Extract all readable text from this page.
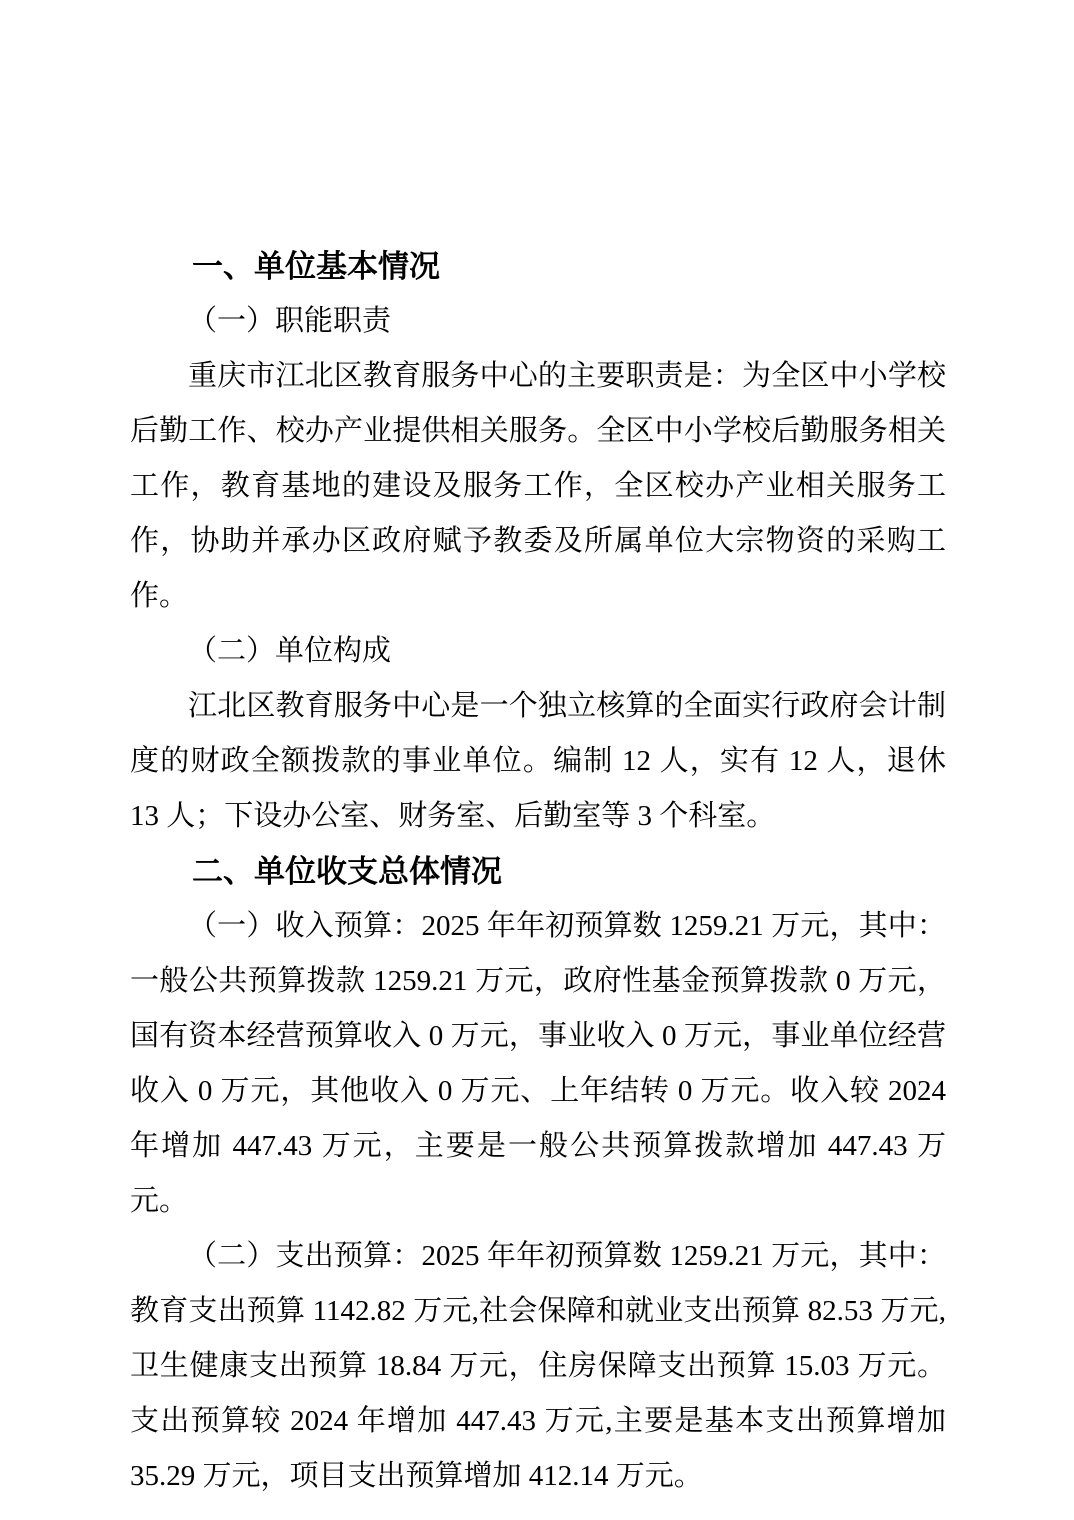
一、单位基本情况

（一）职能职责

重庆市江北区教育服务中心的主要职责是：为全区中小学校后勤工作、校办产业提供相关服务。全区中小学校后勤服务相关工作，教育基地的建设及服务工作，全区校办产业相关服务工作，协助并承办区政府赋予教委及所属单位大宗物资的采购工作。

（二）单位构成

江北区教育服务中心是一个独立核算的全面实行政府会计制度的财政全额拨款的事业单位。编制 12 人，实有 12 人，退休 13 人；下设办公室、财务室、后勤室等 3 个科室。

二、单位收支总体情况

（一）收入预算：2025 年年初预算数 1259.21 万元，其中：一般公共预算拨款 1259.21 万元，政府性基金预算拨款 0 万元，国有资本经营预算收入 0 万元，事业收入 0 万元，事业单位经营收入 0 万元，其他收入 0 万元、上年结转 0 万元。收入较 2024 年增加 447.43 万元，主要是一般公共预算拨款增加 447.43 万元。

（二）支出预算：2025 年年初预算数 1259.21 万元，其中：教育支出预算 1142.82 万元,社会保障和就业支出预算 82.53 万元,卫生健康支出预算 18.84 万元，住房保障支出预算 15.03 万元。支出预算较 2024 年增加 447.43 万元,主要是基本支出预算增加 35.29 万元，项目支出预算增加 412.14 万元。
